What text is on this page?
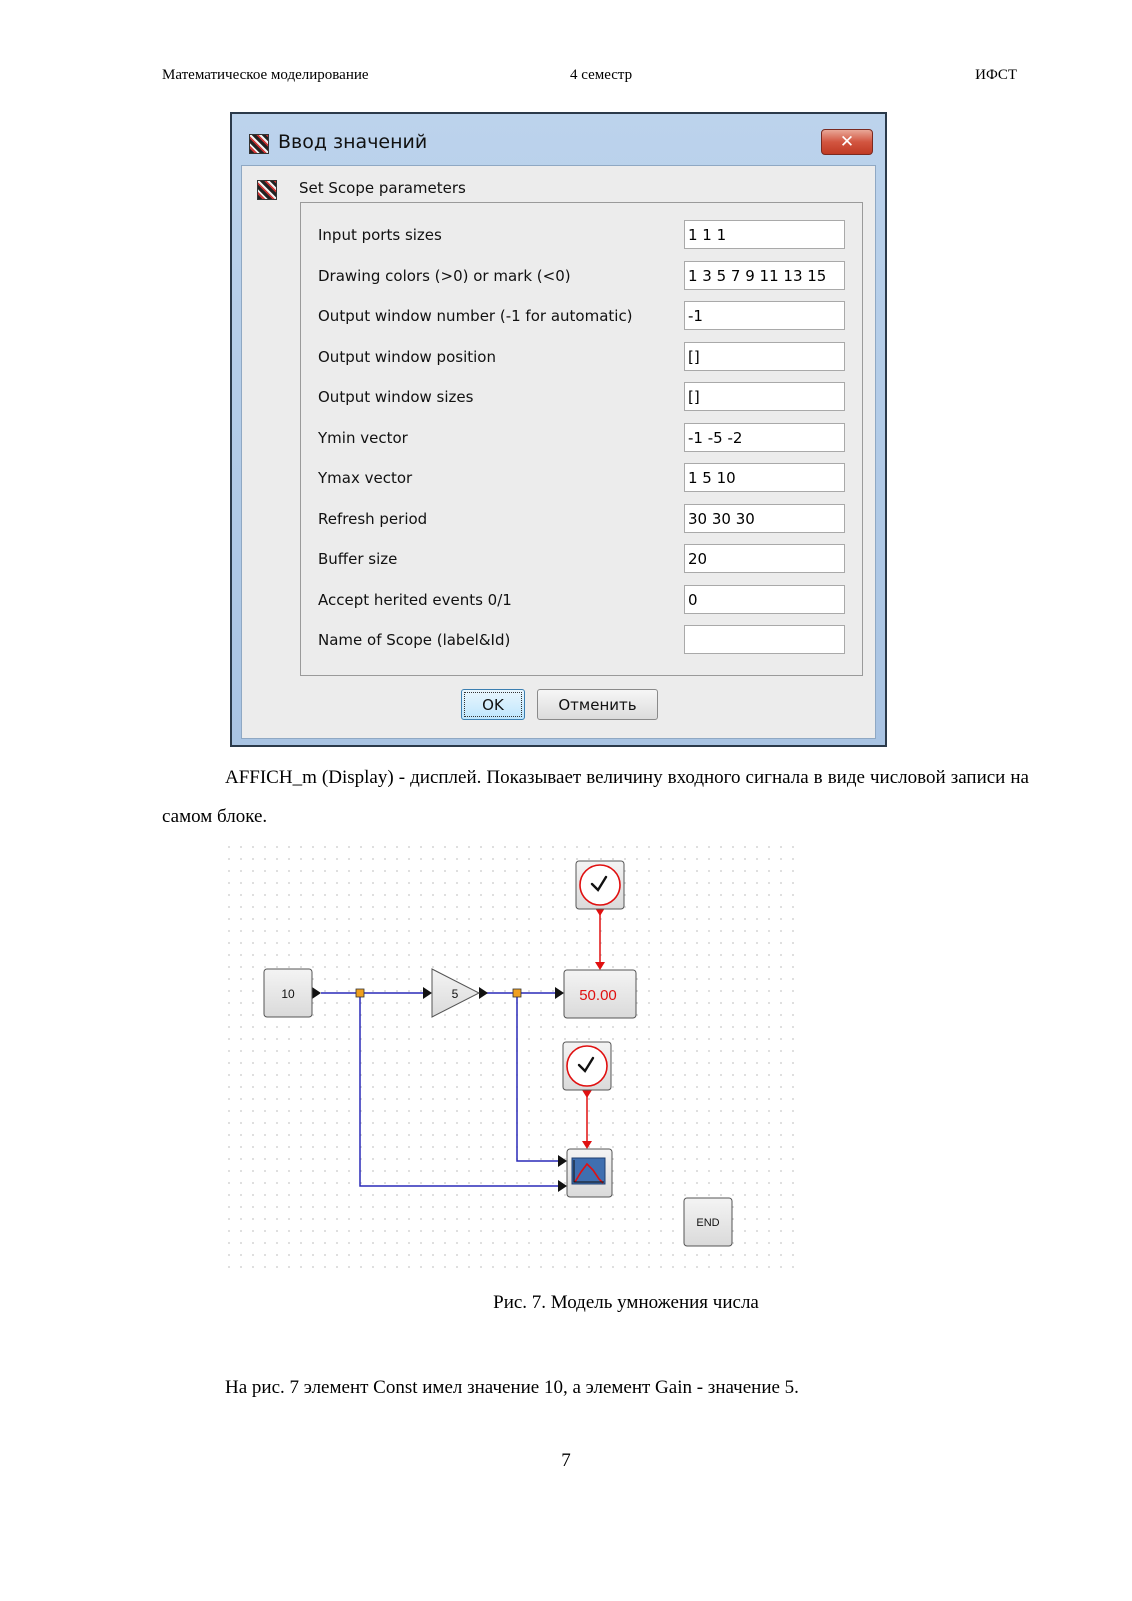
Математическое моделирование	4 семестр	ИФСТ
Ввод значений	✕
Set Scope parameters
Input ports sizes	1 1 1
Drawing colors (>0) or mark (<0)	1 3 5 7 9 11 13 15
Output window number (-1 for automatic)	-1
Output window position	[]
Output window sizes	[]
Ymin vector	-1 -5 -2
Ymax vector	1 5 10
Refresh period	30 30 30
Buffer size	20
Accept herited events 0/1	0
Name of Scope (label&Id)
OK	Отменить
AFFICH_m (Display) - дисплей. Показывает величину входного сигнала в виде числовой записи на самом блоке.
10	5	50.00
END
Рис. 7. Модель умножения числа
На рис. 7 элемент Const имел значение 10, а элемент Gain - значение 5.
7
